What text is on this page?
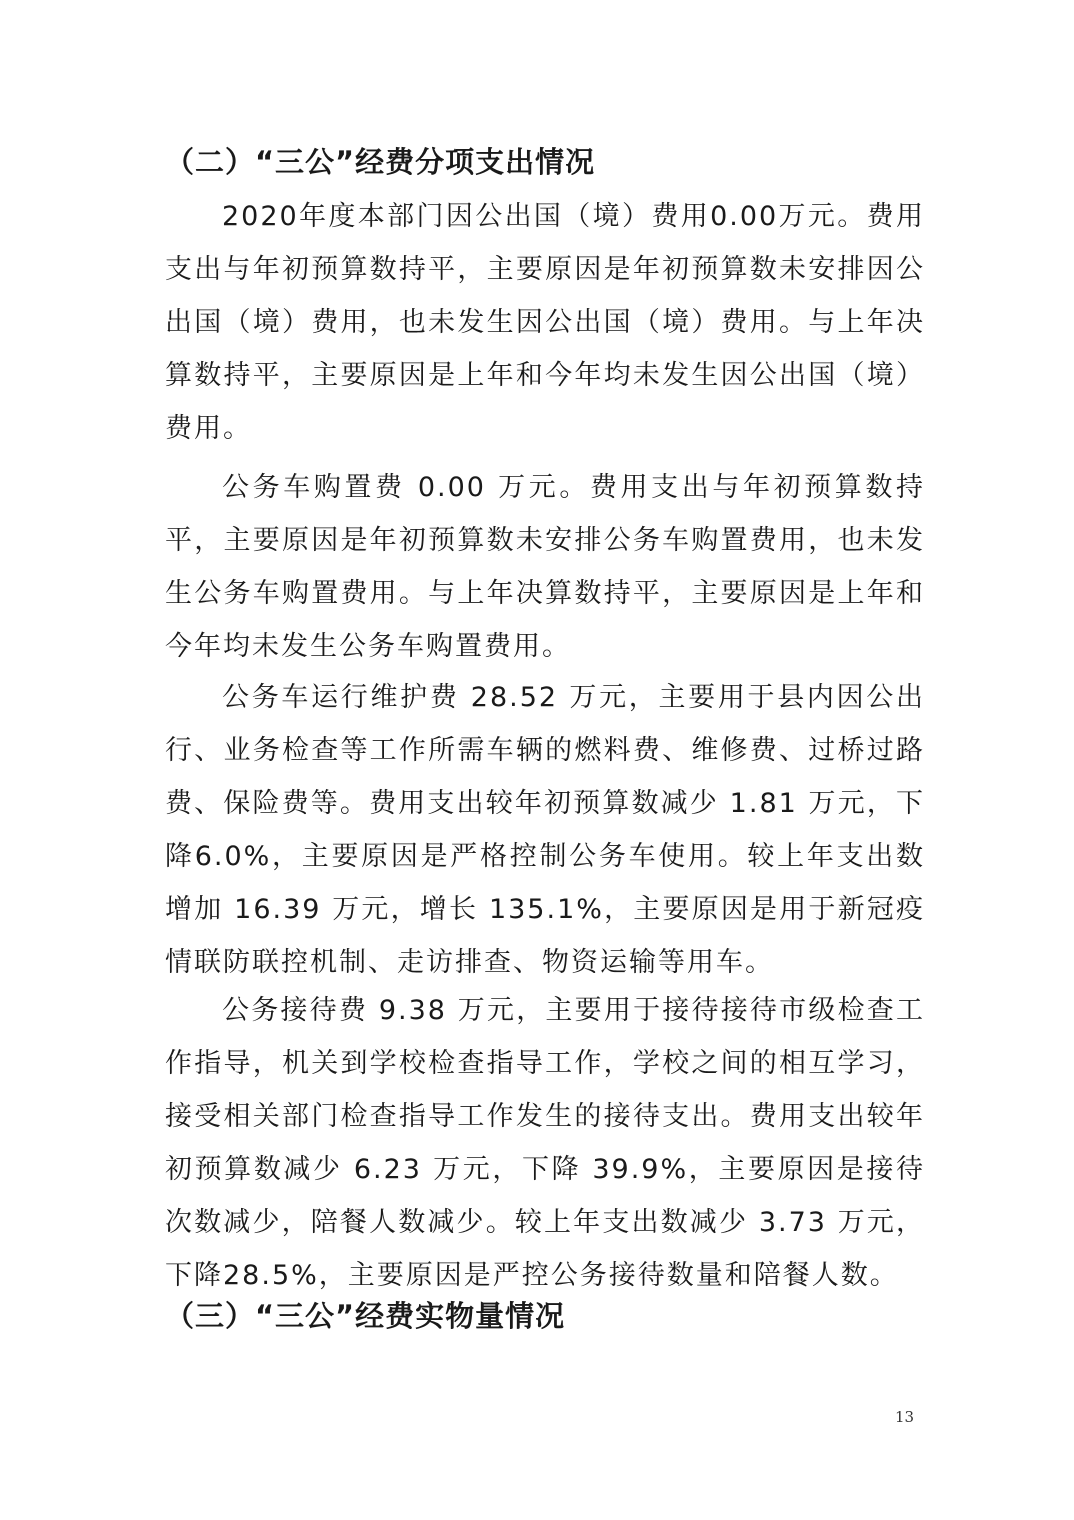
（二）“三公”经费分项支出情况

2020年度本部门因公出国（境）费用0.00万元。费用支出与年初预算数持平，主要原因是年初预算数未安排因公出国（境）费用，也未发生因公出国（境）费用。与上年决算数持平，主要原因是上年和今年均未发生因公出国（境）费用。

公务车购置费 0.00 万元。费用支出与年初预算数持平，主要原因是年初预算数未安排公务车购置费用，也未发生公务车购置费用。与上年决算数持平，主要原因是上年和今年均未发生公务车购置费用。

公务车运行维护费 28.52 万元，主要用于县内因公出行、业务检查等工作所需车辆的燃料费、维修费、过桥过路费、保险费等。费用支出较年初预算数减少 1.81 万元，下降6.0%，主要原因是严格控制公务车使用。较上年支出数增加 16.39 万元，增长 135.1%，主要原因是用于新冠疫情联防联控机制、走访排查、物资运输等用车。

公务接待费 9.38 万元，主要用于接待接待市级检查工作指导，机关到学校检查指导工作，学校之间的相互学习，接受相关部门检查指导工作发生的接待支出。费用支出较年初预算数减少 6.23 万元，下降 39.9%，主要原因是接待次数减少，陪餐人数减少。较上年支出数减少 3.73 万元，下降28.5%，主要原因是严控公务接待数量和陪餐人数。

（三）“三公”经费实物量情况
13
